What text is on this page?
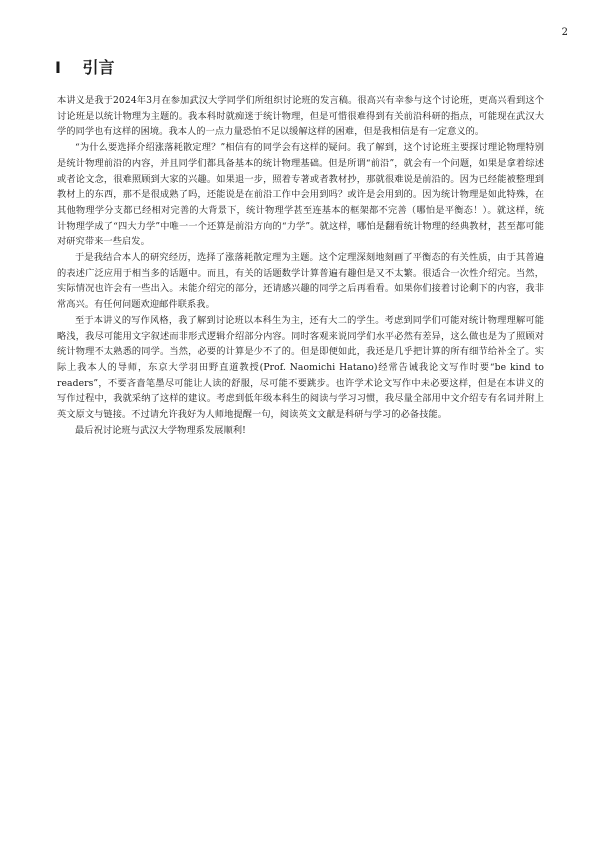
2
I 引言

本讲义是我于2024年3月在参加武汉大学同学们所组织讨论班的发言稿。很高兴有幸参与这个讨论班，更高兴看到这个讨论班是以统计物理为主题的。我本科时就痴迷于统计物理，但是可惜很难得到有关前沿科研的指点，可能现在武汉大学的同学也有这样的困境。我本人的一点力量恐怕不足以缓解这样的困难，但是我相信是有一定意义的。

“为什么要选择介绍涨落耗散定理？”相信有的同学会有这样的疑问。我了解到，这个讨论班主要探讨理论物理特别是统计物理前沿的内容，并且同学们都具备基本的统计物理基础。但是所谓“前沿”，就会有一个问题，如果是拿着综述或者论文念，很难照顾到大家的兴趣。如果退一步，照着专著或者教材抄，那就很难说是前沿的。因为已经能被整理到教材上的东西，那不是很成熟了吗，还能说是在前沿工作中会用到吗？或许是会用到的。因为统计物理是如此特殊，在其他物理学分支都已经相对完善的大背景下，统计物理学甚至连基本的框架都不完善（哪怕是平衡态！）。就这样，统计物理学成了“四大力学”中唯一一个还算是前沿方向的“力学”。就这样，哪怕是翻看统计物理的经典教材，甚至都可能对研究带来一些启发。

于是我结合本人的研究经历，选择了涨落耗散定理为主题。这个定理深刻地刻画了平衡态的有关性质，由于其普遍的表述广泛应用于相当多的话题中。而且，有关的话题数学计算普遍有趣但是又不太繁。很适合一次性介绍完。当然，实际情况也许会有一些出入。未能介绍完的部分，还请感兴趣的同学之后再看看。如果你们接着讨论剩下的内容，我非常高兴。有任何问题欢迎邮件联系我。

至于本讲义的写作风格，我了解到讨论班以本科生为主，还有大二的学生。考虑到同学们可能对统计物理理解可能略浅，我尽可能用文字叙述而非形式逻辑介绍部分内容。同时客观来说同学们水平必然有差异，这么做也是为了照顾对统计物理不太熟悉的同学。当然，必要的计算是少不了的。但是即便如此，我还是几乎把计算的所有细节给补全了。实际上我本人的导师，东京大学羽田野直道教授(Prof. Naomichi Hatano)经常告诫我论文写作时要“be kind to readers”，不要吝啬笔墨尽可能让人读的舒服，尽可能不要跳步。也许学术论文写作中未必要这样，但是在本讲义的写作过程中，我就采纳了这样的建议。考虑到低年级本科生的阅读与学习习惯，我尽量全部用中文介绍专有名词并附上英文原文与链接。不过请允许我好为人师地提醒一句，阅读英文文献是科研与学习的必备技能。

最后祝讨论班与武汉大学物理系发展顺利!
